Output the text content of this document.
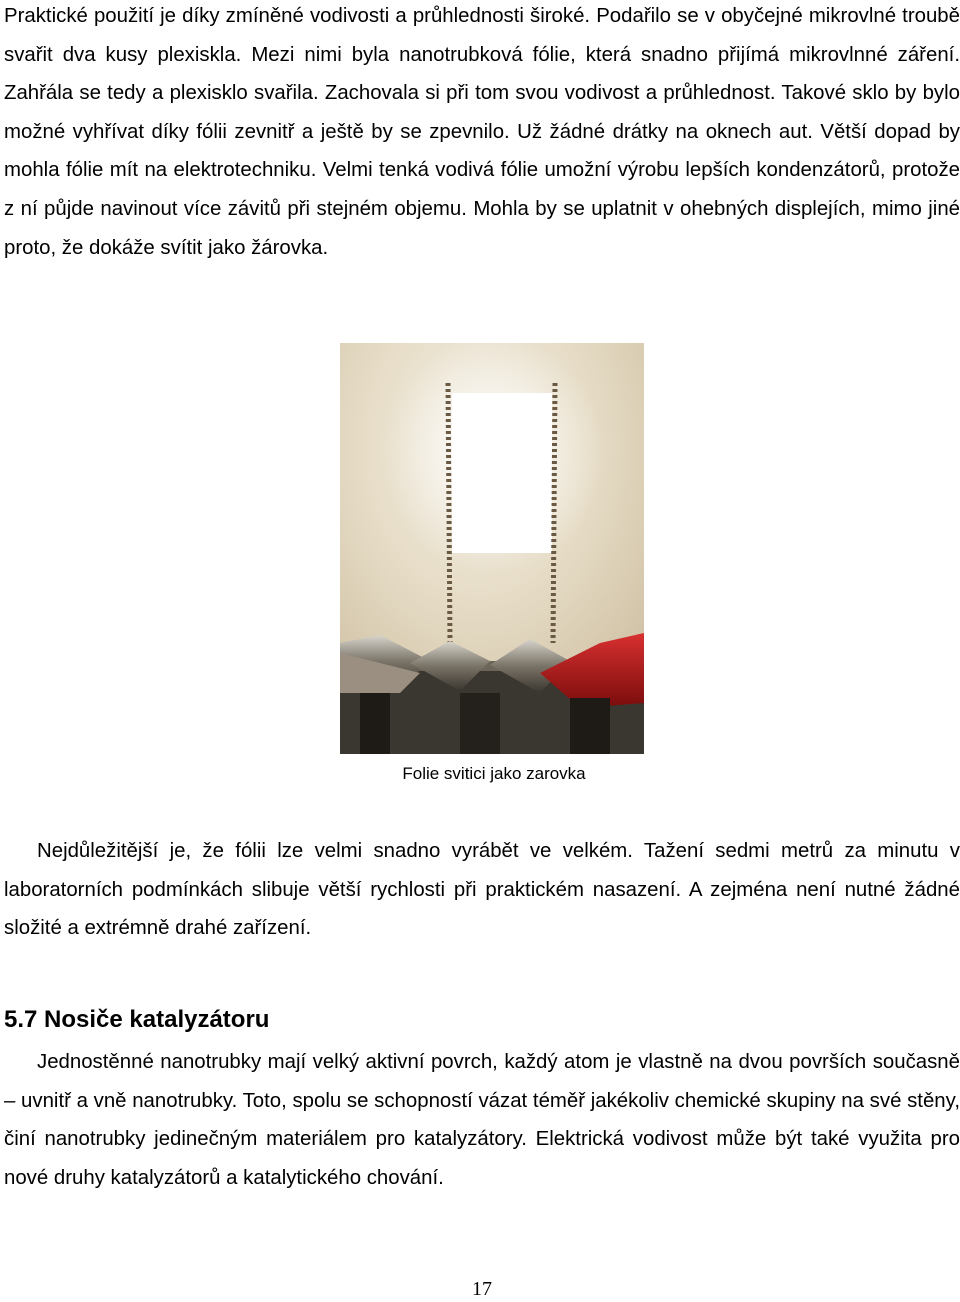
Praktické použití je díky zmíněné vodivosti a průhlednosti široké. Podařilo se v obyčejné mikrovlné troubě svařit dva kusy plexiskla. Mezi nimi byla nanotrubková fólie, která snadno přijímá mikrovlnné záření. Zahřála se tedy a plexisklo svařila. Zachovala si při tom svou vodivost a průhlednost. Takové sklo by bylo možné vyhřívat díky fólii zevnitř a ještě by se zpevnilo. Už žádné drátky na oknech aut. Větší dopad by mohla fólie mít na elektrotechniku. Velmi tenká vodivá fólie umožní výrobu lepších kondenzátorů, protože z ní půjde navinout více závitů při stejném objemu. Mohla by se uplatnit v ohebných displejích, mimo jiné proto, že dokáže svítit jako žárovka.

Folie svitici jako zarovka

Nejdůležitější je, že fólii lze velmi snadno vyrábět ve velkém. Tažení sedmi metrů za minutu v laboratorních podmínkách slibuje větší rychlosti při praktickém nasazení. A zejména není nutné žádné složité a extrémně drahé zařízení.

5.7 Nosiče katalyzátoru

Jednostěnné nanotrubky mají velký aktivní povrch, každý atom je vlastně na dvou površích současně – uvnitř a vně nanotrubky. Toto, spolu se schopností vázat téměř jakékoliv chemické skupiny na své stěny, činí nanotrubky jedinečným materiálem pro katalyzátory. Elektrická vodivost může být také využita pro nové druhy katalyzátorů a katalytického chování.

17
